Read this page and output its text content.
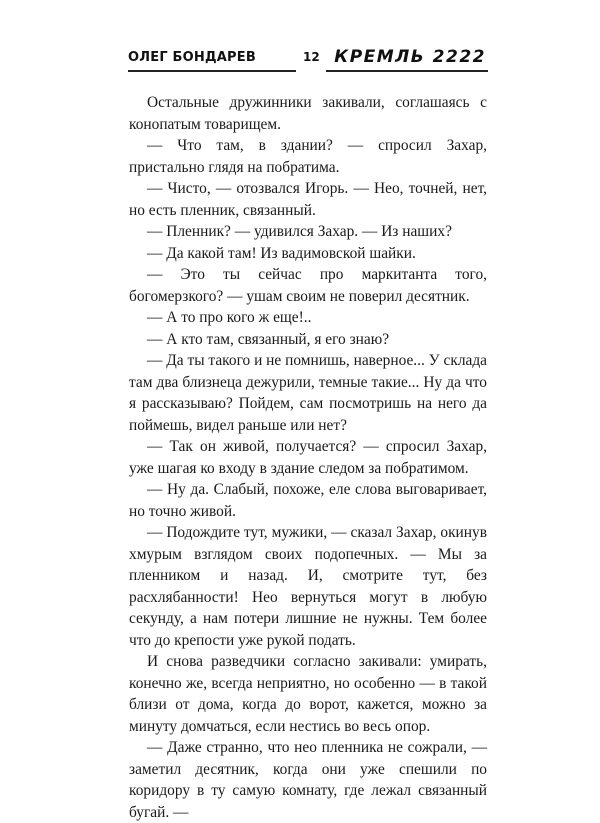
ОЛЕГ БОНДАРЕВ	12 КРЕМЛЬ 2222

Остальные дружинники закивали, соглашаясь с конопатым товарищем.

— Что там, в здании? — спросил Захар, пристально глядя на побратима.

— Чисто, — отозвался Игорь. — Нео, точней, нет, но есть пленник, связанный.

— Пленник? — удивился Захар. — Из наших?

— Да какой там! Из вадимовской шайки.

— Это ты сейчас про маркитанта того, богомерзкого? — ушам своим не поверил десятник.

— А то про кого ж еще!..

— А кто там, связанный, я его знаю?

— Да ты такого и не помнишь, наверное... У склада там два близнеца дежурили, темные такие... Ну да что я рассказываю? Пойдем, сам посмотришь на него да поймешь, видел раньше или нет?

— Так он живой, получается? — спросил Захар, уже шагая ко входу в здание следом за побратимом.

— Ну да. Слабый, похоже, еле слова выговаривает, но точно живой.

— Подождите тут, мужики, — сказал Захар, окинув хмурым взглядом своих подопечных. — Мы за пленником и назад. И, смотрите тут, без расхлябанности! Нео вернуться могут в любую секунду, а нам потери лишние не нужны. Тем более что до крепости уже рукой подать.

И снова разведчики согласно закивали: умирать, конечно же, всегда неприятно, но особенно — в такой близи от дома, когда до ворот, кажется, можно за минуту домчаться, если нестись во весь опор.

— Даже странно, что нео пленника не сожрали, — заметил десятник, когда они уже спешили по коридору в ту самую комнату, где лежал связанный бугай. —
